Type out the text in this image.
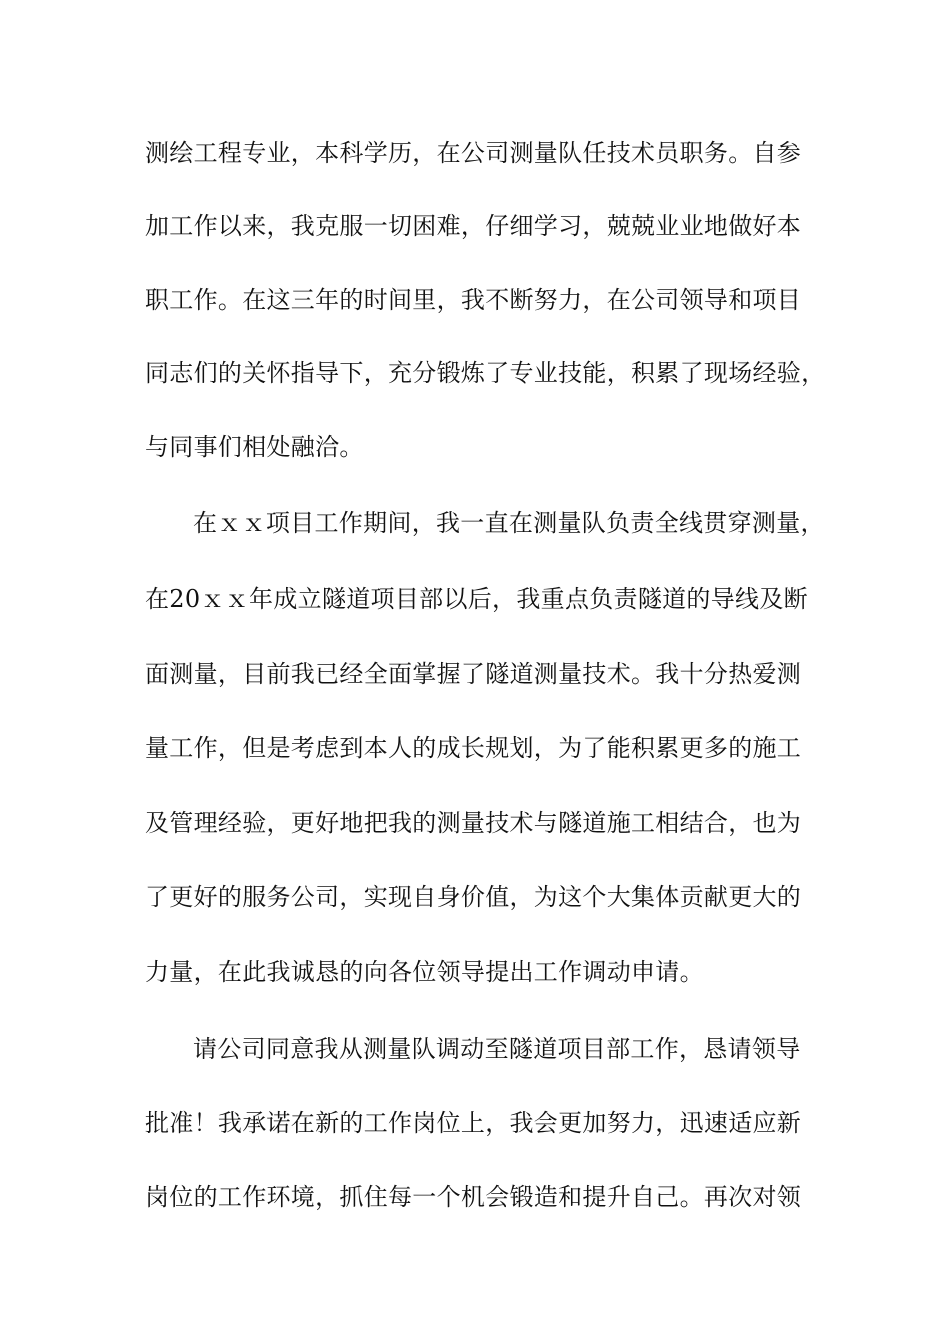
测绘工程专业，本科学历，在公司测量队任技术员职务。自参
加工作以来，我克服一切困难，仔细学习，兢兢业业地做好本
职工作。在这三年的时间里，我不断努力，在公司领导和项目
同志们的关怀指导下，充分锻炼了专业技能，积累了现场经验，
与同事们相处融洽。
在ｘｘ项目工作期间，我一直在测量队负责全线贯穿测量，
在20ｘｘ年成立隧道项目部以后，我重点负责隧道的导线及断
面测量，目前我已经全面掌握了隧道测量技术。我十分热爱测
量工作，但是考虑到本人的成长规划，为了能积累更多的施工
及管理经验，更好地把我的测量技术与隧道施工相结合，也为
了更好的服务公司，实现自身价值，为这个大集体贡献更大的
力量，在此我诚恳的向各位领导提出工作调动申请。
请公司同意我从测量队调动至隧道项目部工作，恳请领导
批准！我承诺在新的工作岗位上，我会更加努力，迅速适应新
岗位的工作环境，抓住每一个机会锻造和提升自己。再次对领
